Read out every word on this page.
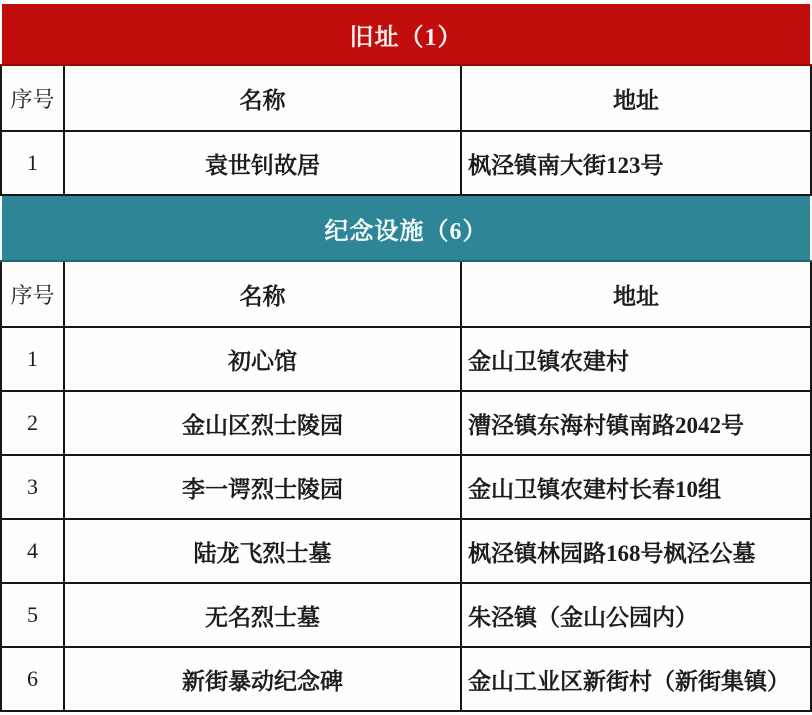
旧址（1）		
序号	名称	地址
1	袁世钊故居	枫泾镇南大街123号
纪念设施（6）		
序号	名称	地址
1	初心馆	金山卫镇农建村
2	金山区烈士陵园	漕泾镇东海村镇南路2042号
3	李一谔烈士陵园	金山卫镇农建村长春10组
4	陆龙飞烈士墓	枫泾镇林园路168号枫泾公墓
5	无名烈士墓	朱泾镇（金山公园内）
6	新街暴动纪念碑	金山工业区新街村（新街集镇）
